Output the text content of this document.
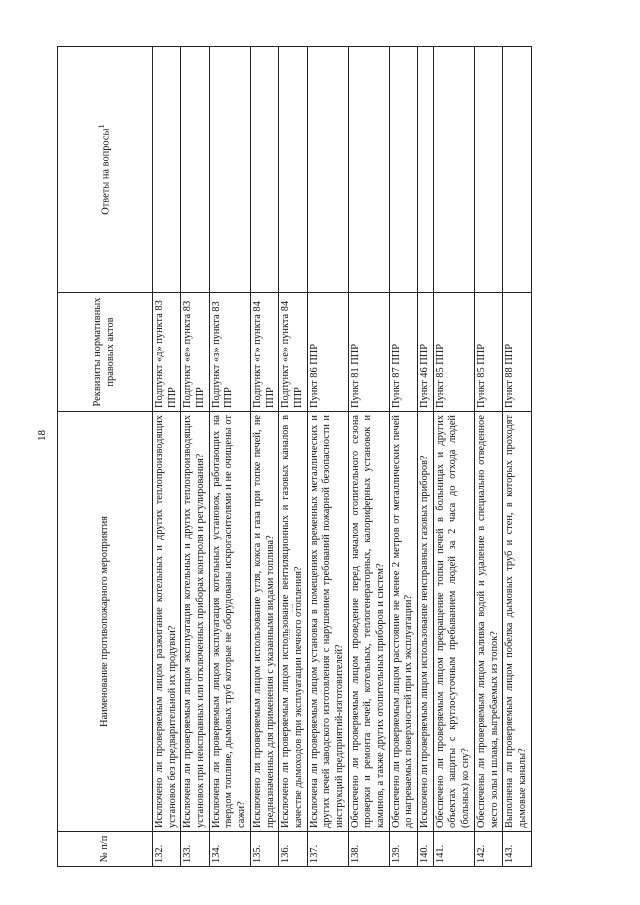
18
№ п/п	Наименование противопожарного мероприятия	Реквизиты нормативных правовых актов	Ответы на вопросы$^1$
132.	Исключено ли проверяемым лицом разжигание котельных и других теплопроизводящих установок без предварительной их продувки?	Подпункт «д» пункта 83 ППР	
133.	Исключена ли проверяемым лицом эксплуатация котельных и других теплопроизводящих установок при неисправных или отключенных приборах контроля и регулирования?	Подпункт «е» пункта 83 ППР	
134.	Исключена ли проверяемым лицом эксплуатация котельных установок, работающих на твердом топливе, дымовых труб которые не оборудованы искрогасителями и не очищены от сажи?	Подпункт «з» пункта 83 ППР	
135.	Исключено ли проверяемым лицом использование угля, кокса и газа при топке печей, не предназначенных для применения с указанными видами топлива?	Подпункт «г» пункта 84 ППР	
136.	Исключено ли проверяемым лицом использование вентиляционных и газовых каналов в качестве дымоходов при эксплуатации печного отопления?	Подпункт «е» пункта 84 ППР	
137.	Исключена ли проверяемым лицом установка в помещениях временных металлических и других печей заводского изготовления с нарушением требований пожарной безопасности и инструкций предприятий-изготовителей?	Пункт 86 ППР	
138.	Обеспечено ли проверяемым лицом проведение перед началом отопительного сезона проверки и ремонта печей, котельных, теплогенераторных, калориферных установок и каминов, а также других отопительных приборов и систем?	Пункт 81 ППР	
139.	Обеспечено ли проверяемым лицом расстояние не менее 2 метров от металлических печей до нагреваемых поверхностей при их эксплуатации?	Пункт 87 ППР	
140.	Исключено ли проверяемым лицом использование неисправных газовых приборов?	Пункт 46 ППР	
141.	Обеспечено ли проверяемым лицом прекращение топки печей в больницах и других объектах защиты с круглосуточным пребыванием людей за 2 часа до отхода людей (больных) ко сну?	Пункт 85 ППР	
142.	Обеспечены ли проверяемым лицом заливка водой и удаление в специально отведенное место золы и шлака, выгребаемых из топок?	Пункт 85 ППР	
143.	Выполнена ли проверяемым лицом побелка дымовых труб и стен, в которых проходят дымовые каналы?	Пункт 88 ППР	
